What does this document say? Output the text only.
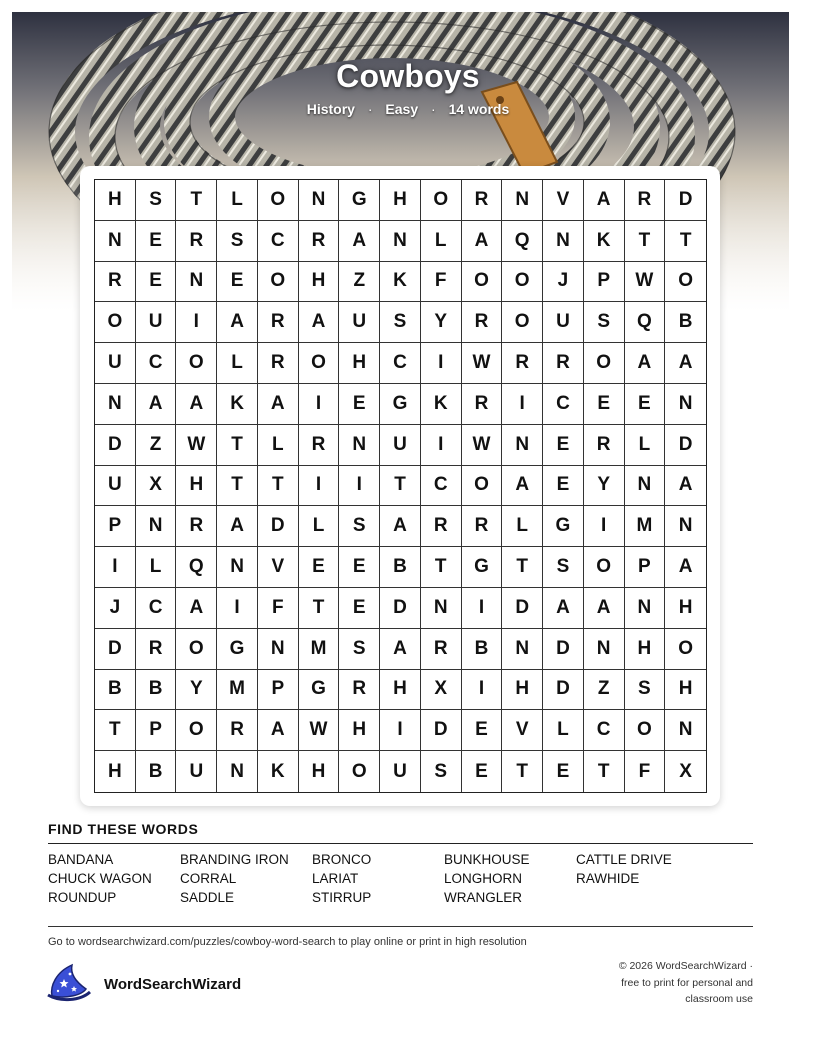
Cowboys
History · Easy · 14 words
H	S	T	L	O	N	G	H	O	R	N	V	A	R	D
N	E	R	S	C	R	A	N	L	A	Q	N	K	T	T
R	E	N	E	O	H	Z	K	F	O	O	J	P	W	O
O	U	I	A	R	A	U	S	Y	R	O	U	S	Q	B
U	C	O	L	R	O	H	C	I	W	R	R	O	A	A
N	A	A	K	A	I	E	G	K	R	I	C	E	E	N
D	Z	W	T	L	R	N	U	I	W	N	E	R	L	D
U	X	H	T	T	I	I	T	C	O	A	E	Y	N	A
P	N	R	A	D	L	S	A	R	R	L	G	I	M	N
I	L	Q	N	V	E	E	B	T	G	T	S	O	P	A
J	C	A	I	F	T	E	D	N	I	D	A	A	N	H
D	R	O	G	N	M	S	A	R	B	N	D	N	H	O
B	B	Y	M	P	G	R	H	X	I	H	D	Z	S	H
T	P	O	R	A	W	H	I	D	E	V	L	C	O	N
H	B	U	N	K	H	O	U	S	E	T	E	T	F	X
FIND THESE WORDS
BANDANA	BRANDING IRON	BRONCO	BUNKHOUSE	CATTLE DRIVE
CHUCK WAGON	CORRAL	LARIAT	LONGHORN	RAWHIDE
ROUNDUP	SADDLE	STIRRUP	WRANGLER
Go to wordsearchwizard.com/puzzles/cowboy-word-search to play online or print in high resolution
WordSearchWizard
© 2026 WordSearchWizard ·
free to print for personal and
classroom use
